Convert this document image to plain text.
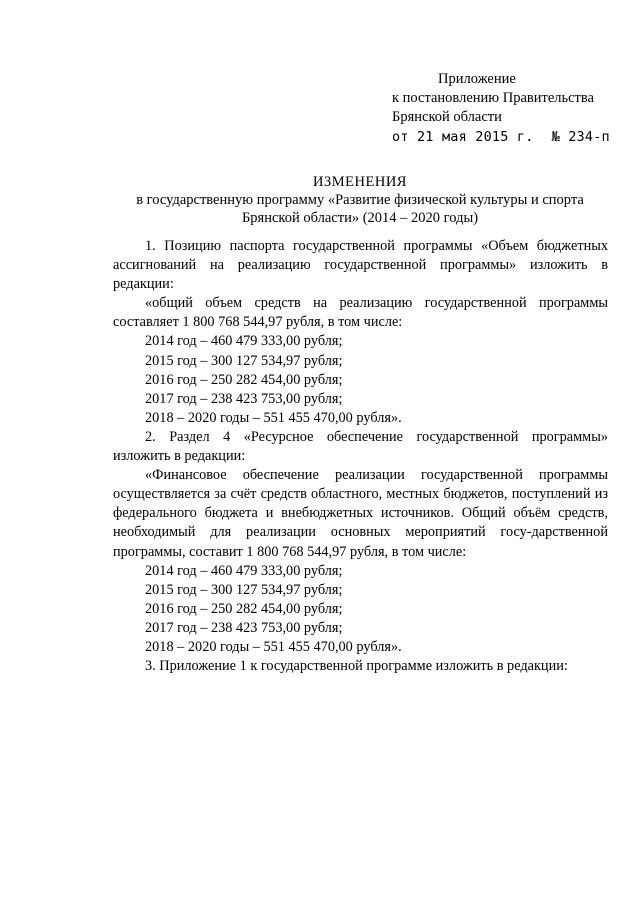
Приложение
к постановлению Правительства
Брянской области
от 21 мая 2015 г. № 234-п
ИЗМЕНЕНИЯ
в государственную программу «Развитие физической культуры и спорта
Брянской области» (2014 – 2020 годы)

1. Позицию паспорта государственной программы «Объем бюджетных ассигнований на реализацию государственной программы» изложить в редакции:

«общий объем средств на реализацию государственной программы составляет 1 800 768 544,97 рубля, в том числе:

2014 год – 460 479 333,00 рубля;

2015 год – 300 127 534,97 рубля;

2016 год – 250 282 454,00 рубля;

2017 год – 238 423 753,00 рубля;

2018 – 2020 годы – 551 455 470,00 рубля».

2. Раздел 4 «Ресурсное обеспечение государственной программы» изложить в редакции:

«Финансовое обеспечение реализации государственной программы осуществляется за счёт средств областного, местных бюджетов, поступлений из федерального бюджета и внебюджетных источников. Общий объём средств, необходимый для реализации основных мероприятий госу-дарственной программы, составит 1 800 768 544,97 рубля, в том числе:

2014 год – 460 479 333,00 рубля;

2015 год – 300 127 534,97 рубля;

2016 год – 250 282 454,00 рубля;

2017 год – 238 423 753,00 рубля;

2018 – 2020 годы – 551 455 470,00 рубля».

3. Приложение 1 к государственной программе изложить в редакции:
